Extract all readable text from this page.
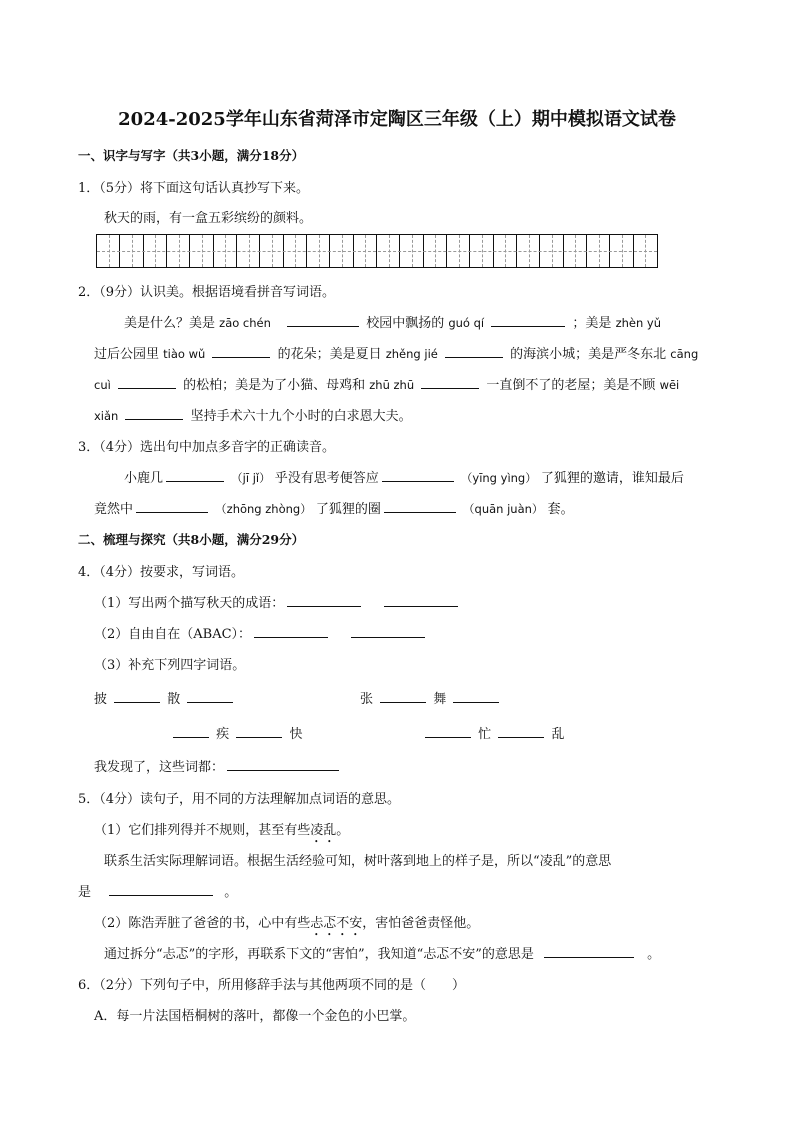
2024-2025学年山东省菏泽市定陶区三年级（上）期中模拟语文试卷
一、识字与写字（共3小题，满分18分）
1．（5分）将下面这句话认真抄写下来。
秋天的雨，有一盒五彩缤纷的颜料。
2．（9分）认识美。根据语境看拼音写词语。
美是什么？美是 zāo chén	校园中飘扬的 guó qí	；美是 zhèn yǔ
过后公园里 tiào wǔ	的花朵；美是夏日 zhěng jié	的海滨小城；美是严冬东北 cāng
cuì	的松柏；美是为了小猫、母鸡和 zhū zhū	一直倒不了的老屋；美是不顾 wēi
xiǎn	坚持手术六十九个小时的白求恩大夫。
3．（4分）选出句中加点多音字的正确读音。
小鹿几	（jī jǐ） 乎没有思考便答应	（yīng yìng） 了狐狸的邀请，谁知最后
竟然中	（zhōng zhòng） 了狐狸的圈	（quān juàn） 套。
二、梳理与探究（共8小题，满分29分）
4．（4分）按要求，写词语。
（1）写出两个描写秋天的成语：
（2）自由自在（ABAC）：
（3）补充下列四字词语。
披	散	张	舞
疾	快	忙	乱
我发现了，这些词都：
5．（4分）读句子，用不同的方法理解加点词语的意思。
（1）它们排列得并不规则，甚至有些凌乱。
联系生活实际理解词语。根据生活经验可知，树叶落到地上的样子是，所以“凌乱”的意思
是	。
（2）陈浩弄脏了爸爸的书，心中有些忐忑不安，害怕爸爸责怪他。
通过拆分“忐忑”的字形，再联系下文的“害怕”，我知道“忐忑不安”的意思是	。
6．（2分）下列句子中，所用修辞手法与其他两项不同的是（　　）
A．每一片法国梧桐树的落叶，都像一个金色的小巴掌。
